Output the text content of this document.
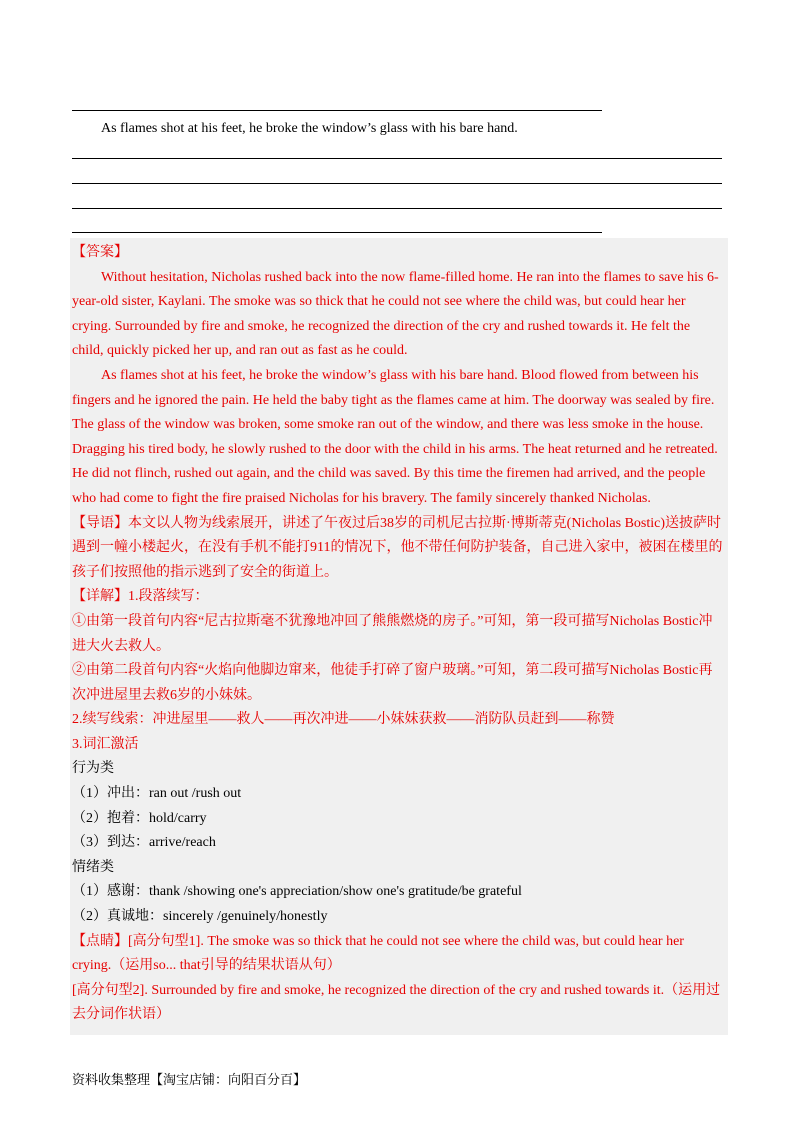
As flames shot at his feet, he broke the window’s glass with his bare hand.

【答案】

Without hesitation, Nicholas rushed back into the now flame-filled home. He ran into the flames to save his 6-year-old sister, Kaylani. The smoke was so thick that he could not see where the child was, but could hear her crying. Surrounded by fire and smoke, he recognized the direction of the cry and rushed towards it. He felt the child, quickly picked her up, and ran out as fast as he could.

As flames shot at his feet, he broke the window’s glass with his bare hand. Blood flowed from between his fingers and he ignored the pain. He held the baby tight as the flames came at him. The doorway was sealed by fire. The glass of the window was broken, some smoke ran out of the window, and there was less smoke in the house. Dragging his tired body, he slowly rushed to the door with the child in his arms. The heat returned and he retreated. He did not flinch, rushed out again, and the child was saved. By this time the firemen had arrived, and the people who had come to fight the fire praised Nicholas for his bravery. The family sincerely thanked Nicholas.

【导语】本文以人物为线索展开，讲述了午夜过后38岁的司机尼古拉斯·博斯蒂克(Nicholas Bostic)送披萨时遇到一幢小楼起火，在没有手机不能打911的情况下，他不带任何防护装备，自己进入家中，被困在楼里的孩子们按照他的指示逃到了安全的街道上。

【详解】1.段落续写：

①由第一段首句内容“尼古拉斯毫不犹豫地冲回了熊熊燃烧的房子。”可知，第一段可描写Nicholas Bostic冲进大火去救人。

②由第二段首句内容“火焰向他脚边窜来，他徒手打碎了窗户玻璃。”可知，第二段可描写Nicholas Bostic再次冲进屋里去救6岁的小妹妹。

2.续写线索：冲进屋里——救人——再次冲进——小妹妹获救——消防队员赶到——称赞

3.词汇激活

行为类

（1）冲出：ran out /rush out

（2）抱着：hold/carry

（3）到达：arrive/reach

情绪类

（1）感谢：thank /showing one's appreciation/show one's gratitude/be grateful

（2）真诚地：sincerely /genuinely/honestly

【点睛】[高分句型1]. The smoke was so thick that he could not see where the child was, but could hear her crying.（运用so... that引导的结果状语从句）

[高分句型2]. Surrounded by fire and smoke, he recognized the direction of the cry and rushed towards it.（运用过去分词作状语）

资料收集整理【淘宝店铺：向阳百分百】
